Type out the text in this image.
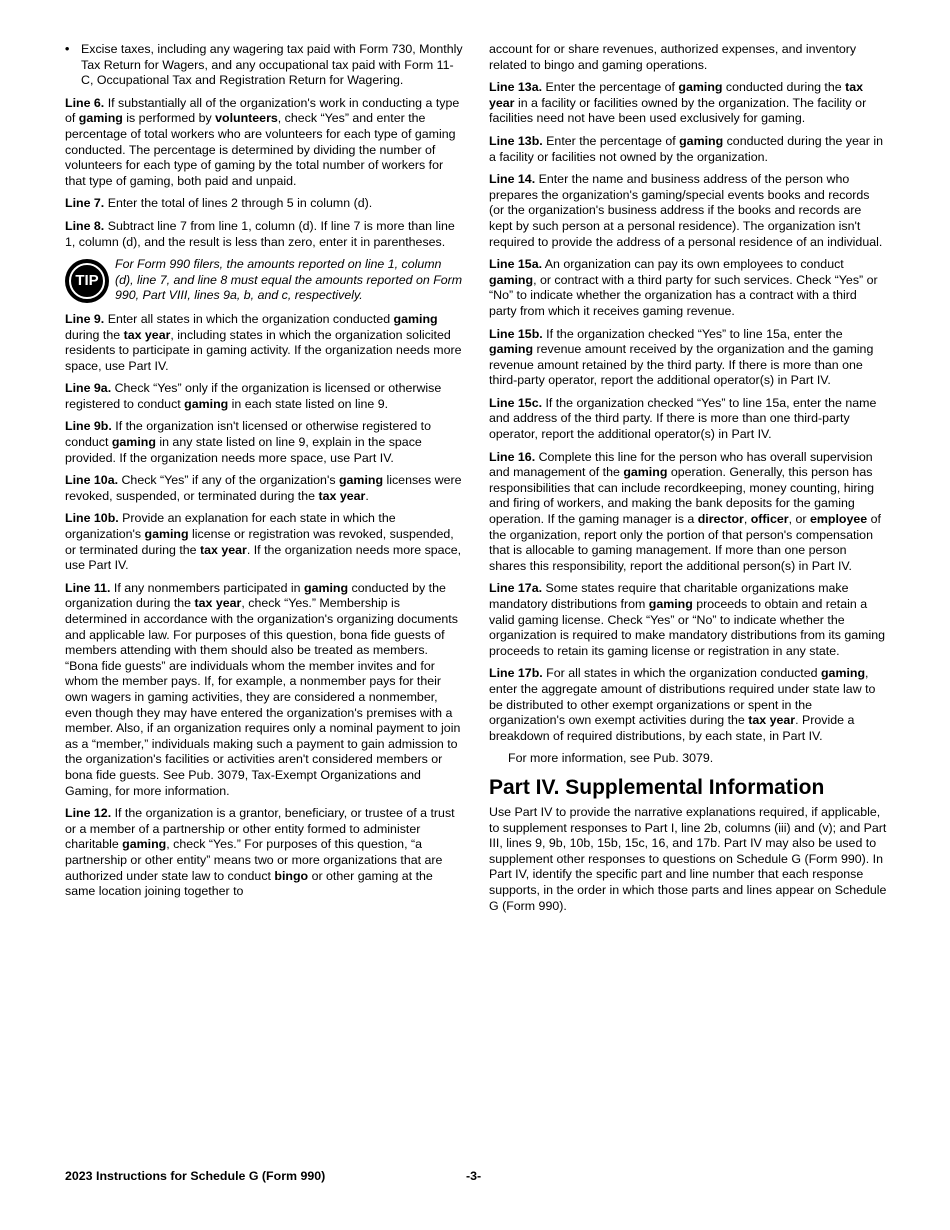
• Excise taxes, including any wagering tax paid with Form 730, Monthly Tax Return for Wagers, and any occupational tax paid with Form 11-C, Occupational Tax and Registration Return for Wagering.

Line 6. If substantially all of the organization's work in conducting a type of gaming is performed by volunteers, check “Yes” and enter the percentage of total workers who are volunteers for each type of gaming conducted. The percentage is determined by dividing the number of volunteers for each type of gaming by the total number of workers for that type of gaming, both paid and unpaid.

Line 7. Enter the total of lines 2 through 5 in column (d).

Line 8. Subtract line 7 from line 1, column (d). If line 7 is more than line 1, column (d), and the result is less than zero, enter it in parentheses.

TIP
For Form 990 filers, the amounts reported on line 1, column (d), line 7, and line 8 must equal the amounts reported on Form 990, Part VIII, lines 9a, b, and c, respectively.

Line 9. Enter all states in which the organization conducted gaming during the tax year, including states in which the organization solicited residents to participate in gaming activity. If the organization needs more space, use Part IV.

Line 9a. Check “Yes” only if the organization is licensed or otherwise registered to conduct gaming in each state listed on line 9.

Line 9b. If the organization isn't licensed or otherwise registered to conduct gaming in any state listed on line 9, explain in the space provided. If the organization needs more space, use Part IV.

Line 10a. Check “Yes” if any of the organization's gaming licenses were revoked, suspended, or terminated during the tax year.

Line 10b. Provide an explanation for each state in which the organization's gaming license or registration was revoked, suspended, or terminated during the tax year. If the organization needs more space, use Part IV.

Line 11. If any nonmembers participated in gaming conducted by the organization during the tax year, check “Yes.” Membership is determined in accordance with the organization's organizing documents and applicable law. For purposes of this question, bona fide guests of members attending with them should also be treated as members. “Bona fide guests” are individuals whom the member invites and for whom the member pays. If, for example, a nonmember pays for their own wagers in gaming activities, they are considered a nonmember, even though they may have entered the organization's premises with a member. Also, if an organization requires only a nominal payment to join as a “member,” individuals making such a payment to gain admission to the organization's facilities or activities aren't considered members or bona fide guests. See Pub. 3079, Tax-Exempt Organizations and Gaming, for more information.

Line 12. If the organization is a grantor, beneficiary, or trustee of a trust or a member of a partnership or other entity formed to administer charitable gaming, check “Yes.” For purposes of this question, “a partnership or other entity” means two or more organizations that are authorized under state law to conduct bingo or other gaming at the same location joining together to

account for or share revenues, authorized expenses, and inventory related to bingo and gaming operations.

Line 13a. Enter the percentage of gaming conducted during the tax year in a facility or facilities owned by the organization. The facility or facilities need not have been used exclusively for gaming.

Line 13b. Enter the percentage of gaming conducted during the year in a facility or facilities not owned by the organization.

Line 14. Enter the name and business address of the person who prepares the organization's gaming/special events books and records (or the organization's business address if the books and records are kept by such person at a personal residence). The organization isn't required to provide the address of a personal residence of an individual.

Line 15a. An organization can pay its own employees to conduct gaming, or contract with a third party for such services. Check “Yes” or “No” to indicate whether the organization has a contract with a third party from which it receives gaming revenue.

Line 15b. If the organization checked “Yes” to line 15a, enter the gaming revenue amount received by the organization and the gaming revenue amount retained by the third party. If there is more than one third-party operator, report the additional operator(s) in Part IV.

Line 15c. If the organization checked “Yes” to line 15a, enter the name and address of the third party. If there is more than one third-party operator, report the additional operator(s) in Part IV.

Line 16. Complete this line for the person who has overall supervision and management of the gaming operation. Generally, this person has responsibilities that can include recordkeeping, money counting, hiring and firing of workers, and making the bank deposits for the gaming operation. If the gaming manager is a director, officer, or employee of the organization, report only the portion of that person's compensation that is allocable to gaming management. If more than one person shares this responsibility, report the additional person(s) in Part IV.

Line 17a. Some states require that charitable organizations make mandatory distributions from gaming proceeds to obtain and retain a valid gaming license. Check “Yes” or “No” to indicate whether the organization is required to make mandatory distributions from its gaming proceeds to retain its gaming license or registration in any state.

Line 17b. For all states in which the organization conducted gaming, enter the aggregate amount of distributions required under state law to be distributed to other exempt organizations or spent in the organization's own exempt activities during the tax year. Provide a breakdown of required distributions, by each state, in Part IV.

For more information, see Pub. 3079.

Part IV. Supplemental Information

Use Part IV to provide the narrative explanations required, if applicable, to supplement responses to Part I, line 2b, columns (iii) and (v); and Part III, lines 9, 9b, 10b, 15b, 15c, 16, and 17b. Part IV may also be used to supplement other responses to questions on Schedule G (Form 990). In Part IV, identify the specific part and line number that each response supports, in the order in which those parts and lines appear on Schedule G (Form 990).

2023 Instructions for Schedule G (Form 990)	-3-
